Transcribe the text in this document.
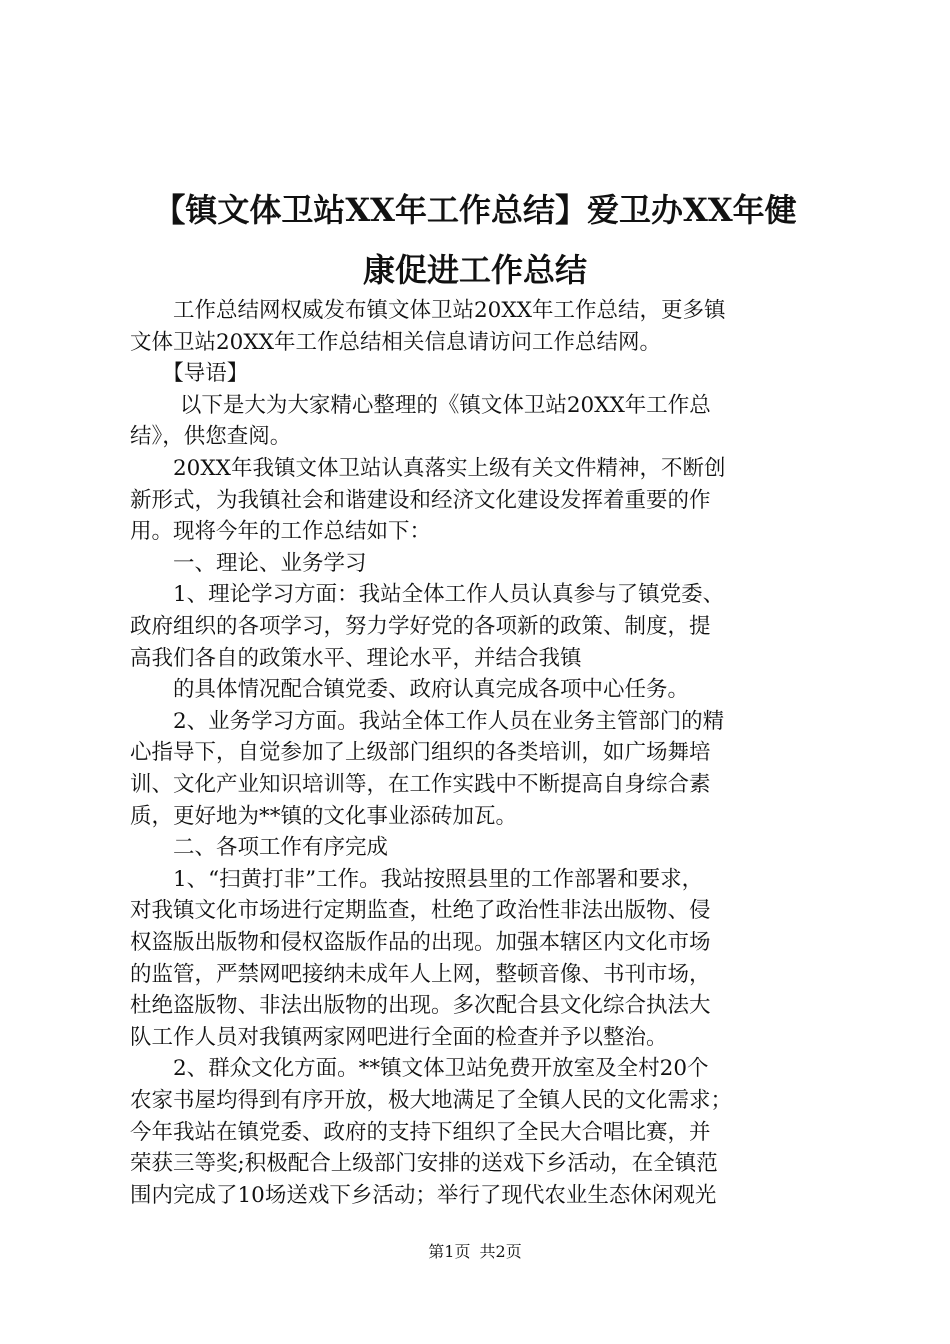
【镇文体卫站XX年工作总结】爱卫办XX年健
康促进工作总结
　　工作总结网权威发布镇文体卫站20XX年工作总结，更多镇
文体卫站20XX年工作总结相关信息请访问工作总结网。
　　【导语】
　　 以下是大为大家精心整理的《镇文体卫站20XX年工作总
结》，供您查阅。
　　20XX年我镇文体卫站认真落实上级有关文件精神，不断创
新形式，为我镇社会和谐建设和经济文化建设发挥着重要的作
用。现将今年的工作总结如下：
　　一、理论、业务学习
　　1、理论学习方面：我站全体工作人员认真参与了镇党委、
政府组织的各项学习，努力学好党的各项新的政策、制度，提
高我们各自的政策水平、理论水平，并结合我镇
　　的具体情况配合镇党委、政府认真完成各项中心任务。
　　2、业务学习方面。我站全体工作人员在业务主管部门的精
心指导下，自觉参加了上级部门组织的各类培训，如广场舞培
训、文化产业知识培训等，在工作实践中不断提高自身综合素
质，更好地为**镇的文化事业添砖加瓦。
　　二、各项工作有序完成
　　1、“扫黄打非”工作。我站按照县里的工作部署和要求，
对我镇文化市场进行定期监查，杜绝了政治性非法出版物、侵
权盗版出版物和侵权盗版作品的出现。加强本辖区内文化市场
的监管，严禁网吧接纳未成年人上网，整顿音像、书刊市场，
杜绝盗版物、非法出版物的出现。多次配合县文化综合执法大
队工作人员对我镇两家网吧进行全面的检查并予以整治。
　　2、群众文化方面。**镇文体卫站免费开放室及全村20个
农家书屋均得到有序开放，极大地满足了全镇人民的文化需求；
今年我站在镇党委、政府的支持下组织了全民大合唱比赛，并
荣获三等奖;积极配合上级部门安排的送戏下乡活动，在全镇范
围内完成了10场送戏下乡活动；举行了现代农业生态休闲观光
第1页 共2页
